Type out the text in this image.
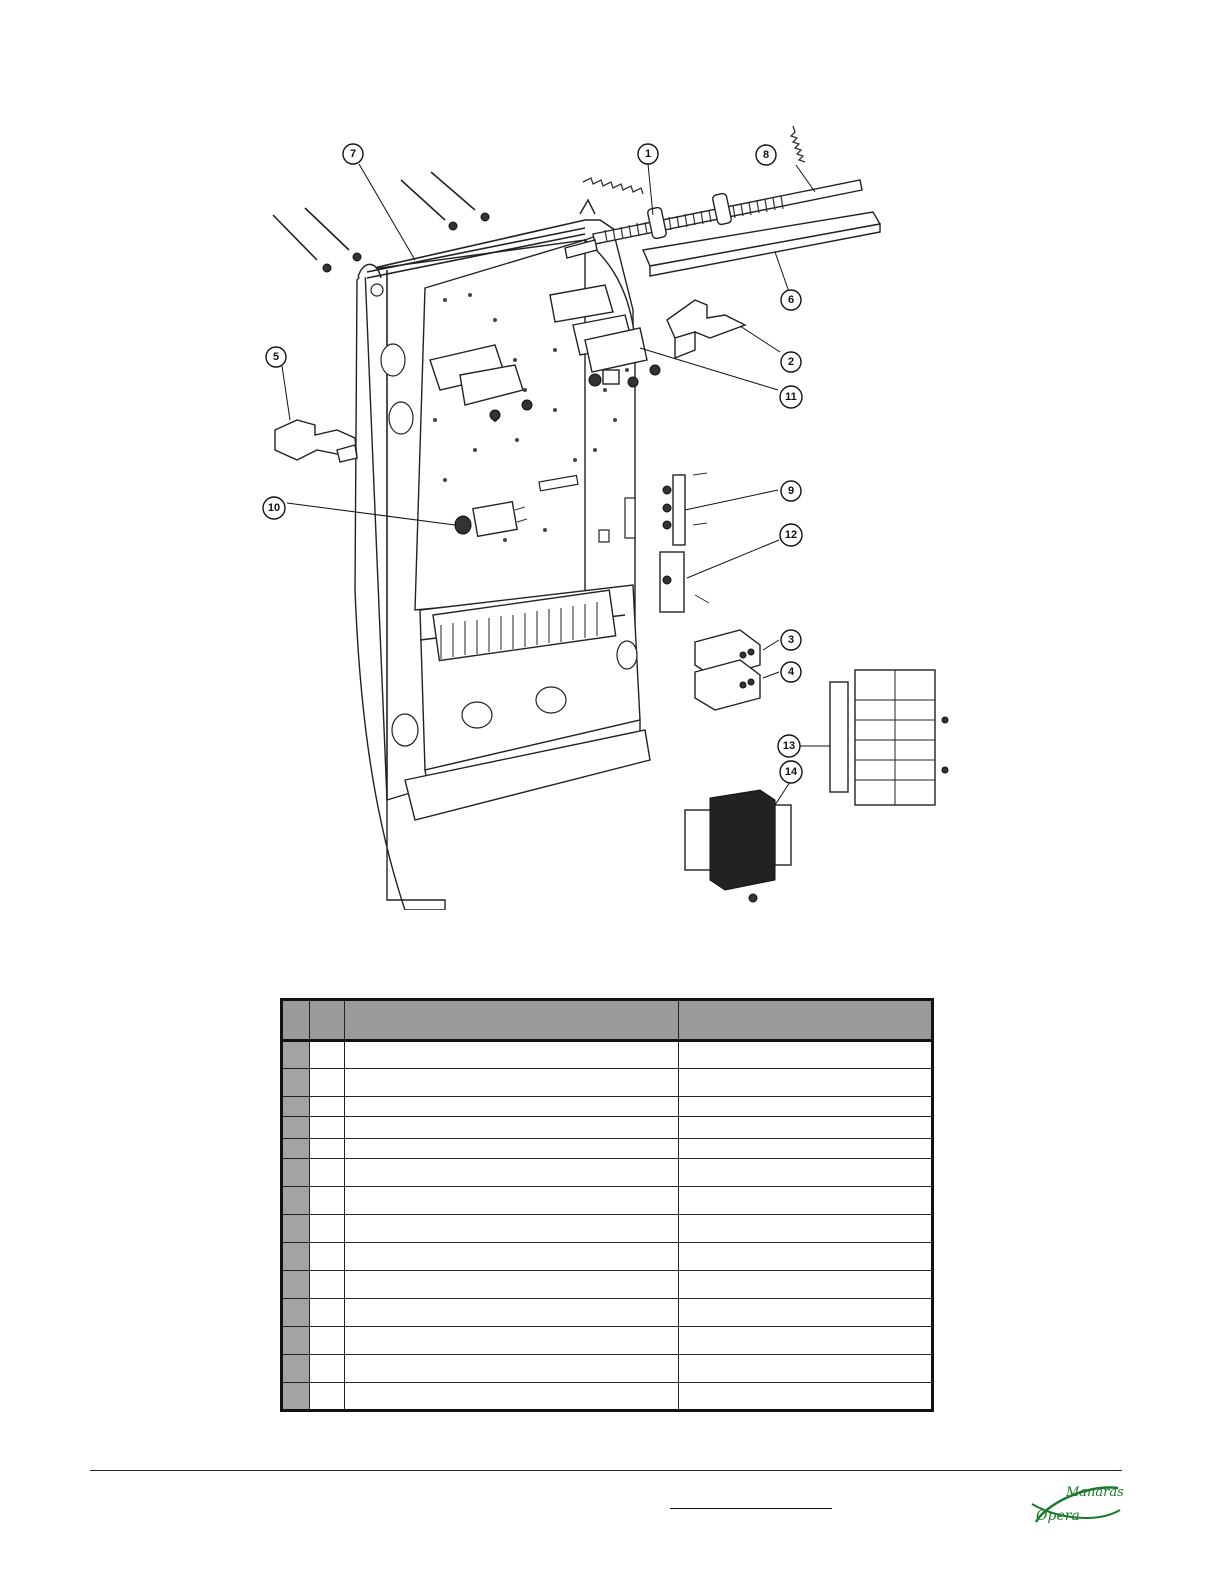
1
2
3
4
5
6
7	8
9
10
11
12
13
14

Manaras
Opera
